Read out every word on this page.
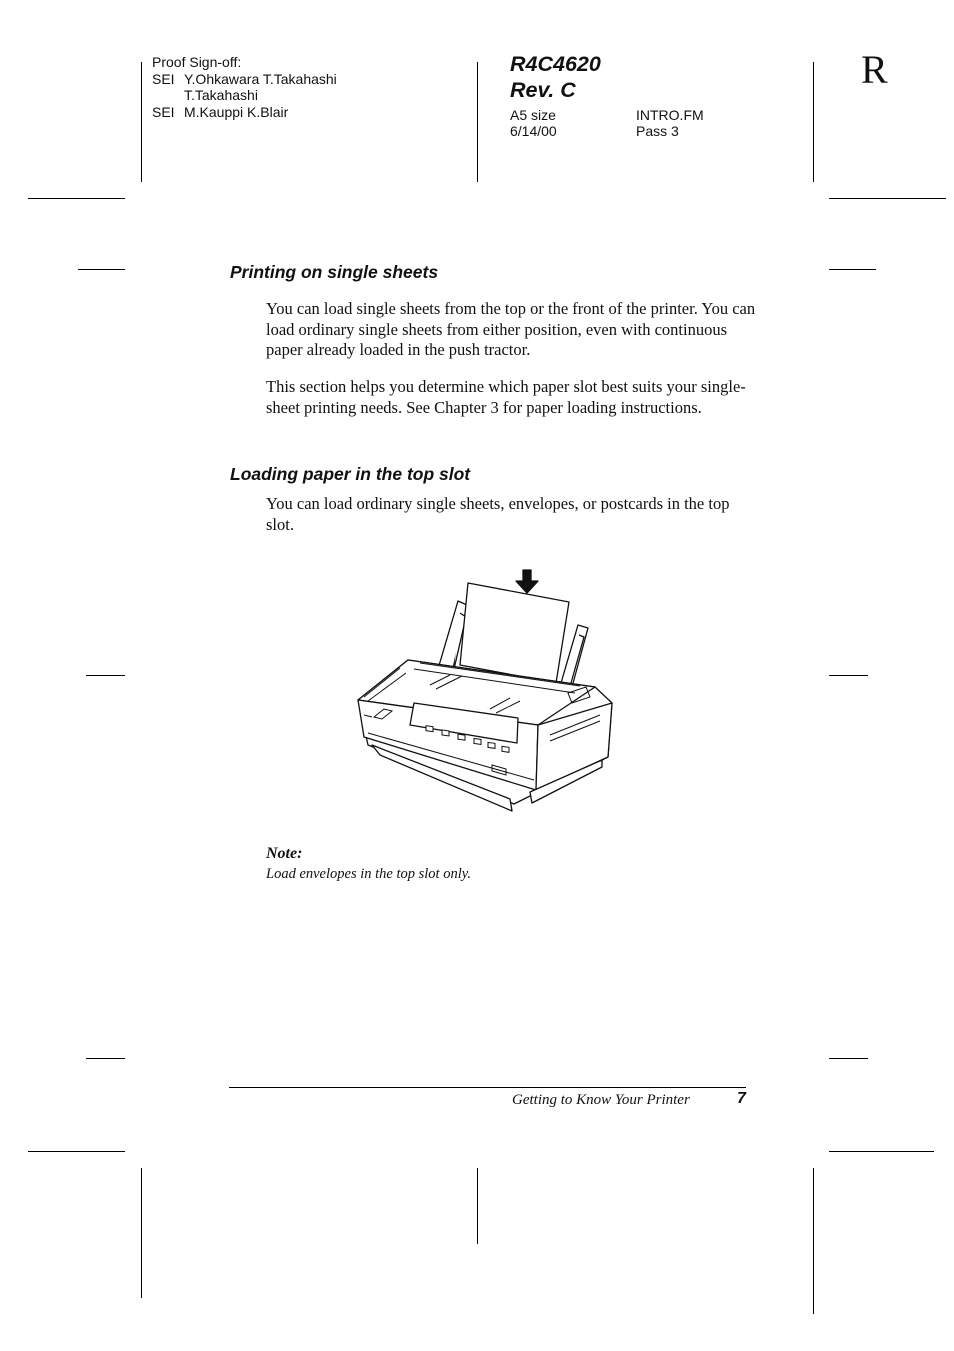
Proof Sign-off:
SEI Y.Ohkawara T.Takahashi
T.Takahashi
SEI M.Kauppi K.Blair
R4C4620
Rev. C
A5 size
6/14/00
INTRO.FM
Pass 3
R
Printing on single sheets
You can load single sheets from the top or the front of the printer. You can load ordinary single sheets from either position, even with continuous paper already loaded in the push tractor.
This section helps you determine which paper slot best suits your single-sheet printing needs. See Chapter 3 for paper loading instructions.
Loading paper in the top slot
You can load ordinary single sheets, envelopes, or postcards in the top slot.
Note:
Load envelopes in the top slot only.
Getting to Know Your Printer	7
